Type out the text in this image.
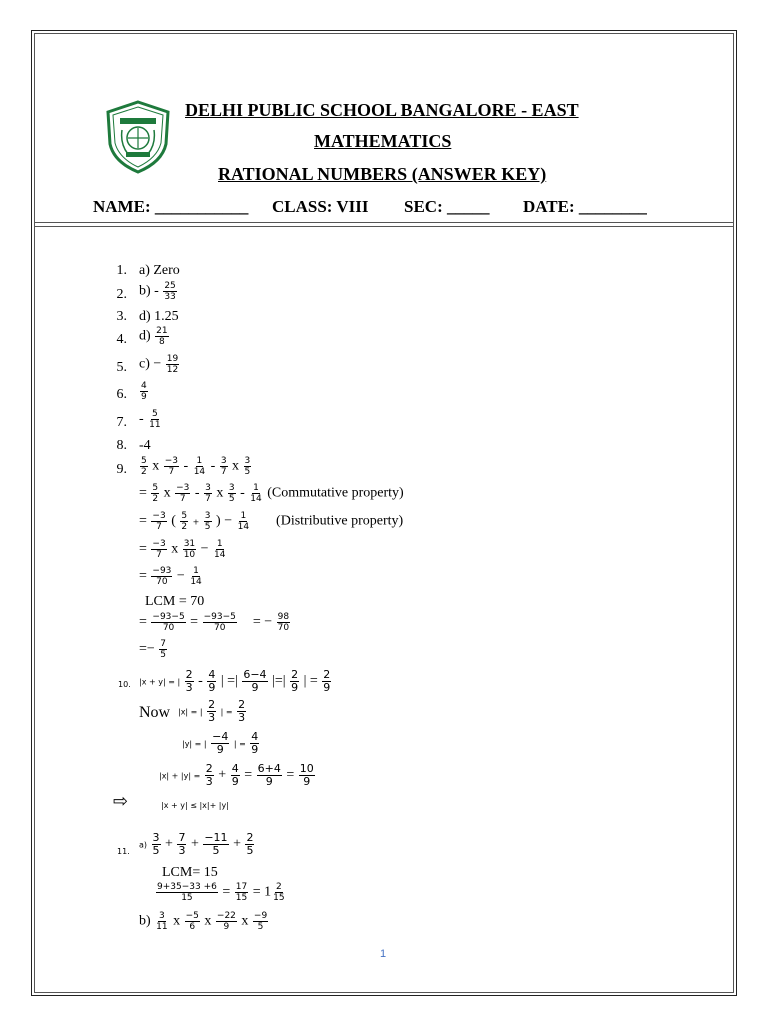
DELHI PUBLIC SCHOOL BANGALORE - EAST
MATHEMATICS
RATIONAL NUMBERS (ANSWER KEY)
NAME: ___________ CLASS: VIII SEC: _____ DATE: ________
1. a) Zero
2. $b) - \frac{25}{33}$
3. d) 1.25
4. $d) \frac{21}{8}$
5. $c) - \frac{19}{12}$
6. $\frac{4}{9}$
7. - $\frac{5}{11}$
8. -4
9. $\frac{5}{2}$ x $\frac{-3}{7} - \frac{1}{14} - \frac{3}{7}$ x $\frac{3}{5}$
= $\frac{5}{2}$ x $\frac{-3}{7} - \frac{3}{7}$ x $\frac{3}{5} - \frac{1}{14}$ (Commutative property)
= $\frac{-3}{7}$ ( $\frac{5}{2} + \frac{3}{5}$ ) − $\frac{1}{14}$ (Distributive property)
= $\frac{-3}{7}$ x $\frac{31}{10} - \frac{1}{14}$
= $\frac{-93}{70} - \frac{1}{14}$
LCM = 70
= $\frac{-93-5}{70} = \frac{-93-5}{70}$ = − $\frac{98}{70}$
=− $\frac{7}{5}$
10. |x + y| = | $\frac{2}{3} - \frac{4}{9}$ | =| $\frac{6-4}{9}$ |=| $\frac{2}{9}$ | = $\frac{2}{9}$
Now |x| = | $\frac{2}{3}$ | = $\frac{2}{3}$
|y| = | $\frac{-4}{9}$ | = $\frac{4}{9}$
$|x| + |y| = \frac{2}{3} + \frac{4}{9} = \frac{6+4}{9} = \frac{10}{9}$
⇨	|x + y| ≤ |x|+ |y|
11.
$a) \frac{3}{5} + \frac{7}{3} + \frac{-11}{5} + \frac{2}{5}$
LCM= 15
$\frac{9+35-33 +6}{15} = \frac{17}{15} = 1 \frac{2}{15}$
$b) \frac{3}{11}$ x $\frac{-5}{6}$ x $\frac{-22}{9}$ x $\frac{-9}{5}$
1
